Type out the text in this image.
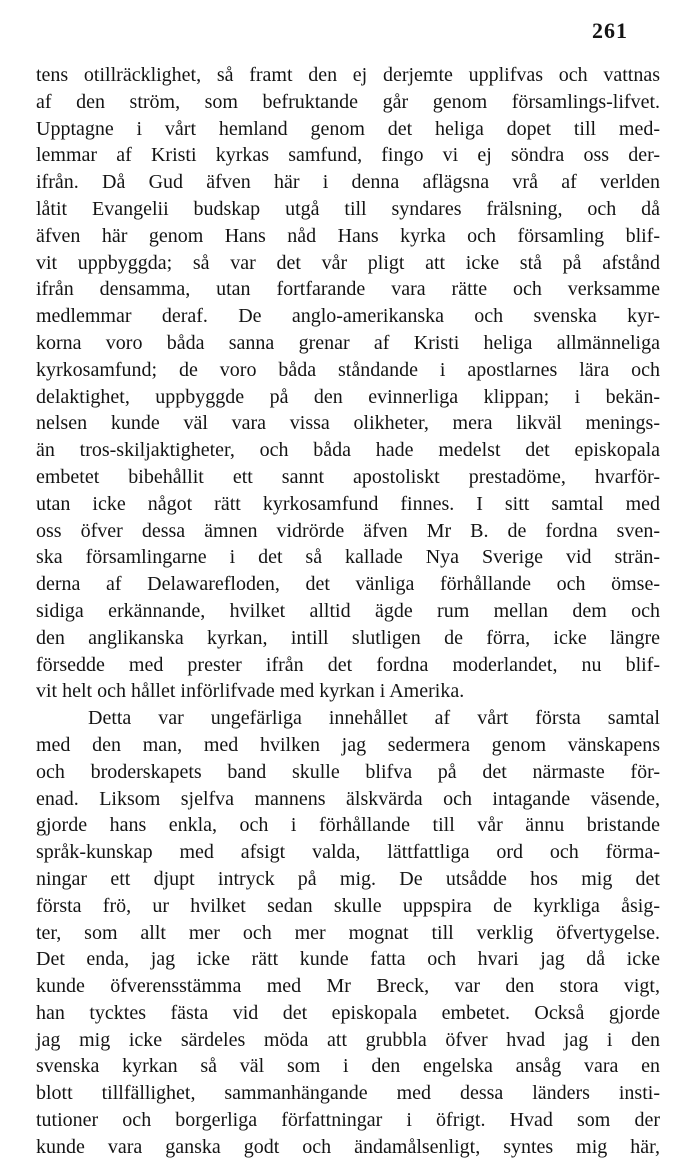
261
tens otillräcklighet, så framt den ej derjemte upplifvas och vattnas
af den ström, som befruktande går genom församlings-lifvet.
Upptagne i vårt hemland genom det heliga dopet till med-
lemmar af Kristi kyrkas samfund, fingo vi ej söndra oss der-
ifrån. Då Gud äfven här i denna aflägsna vrå af verlden
låtit Evangelii budskap utgå till syndares frälsning, och då
äfven här genom Hans nåd Hans kyrka och församling blif-
vit uppbyggda; så var det vår pligt att icke stå på afstånd
ifrån densamma, utan fortfarande vara rätte och verksamme
medlemmar deraf. De anglo-amerikanska och svenska kyr-
korna voro båda sanna grenar af Kristi heliga allmänneliga
kyrkosamfund; de voro båda ståndande i apostlarnes lära och
delaktighet, uppbyggde på den evinnerliga klippan; i bekän-
nelsen kunde väl vara vissa olikheter, mera likväl menings-
än tros-skiljaktigheter, och båda hade medelst det episkopala
embetet bibehållit ett sannt apostoliskt prestadöme, hvarför-
utan icke något rätt kyrkosamfund finnes. I sitt samtal med
oss öfver dessa ämnen vidrörde äfven Mr B. de fordna sven-
ska församlingarne i det så kallade Nya Sverige vid strän-
derna af Delawarefloden, det vänliga förhållande och ömse-
sidiga erkännande, hvilket alltid ägde rum mellan dem och
den anglikanska kyrkan, intill slutligen de förra, icke längre
försedde med prester ifrån det fordna moderlandet, nu blif-
vit helt och hållet införlifvade med kyrkan i Amerika.
Detta var ungefärliga innehållet af vårt första samtal
med den man, med hvilken jag sedermera genom vänskapens
och broderskapets band skulle blifva på det närmaste för-
enad. Liksom sjelfva mannens älskvärda och intagande väsende,
gjorde hans enkla, och i förhållande till vår ännu bristande
språk-kunskap med afsigt valda, lättfattliga ord och förma-
ningar ett djupt intryck på mig. De utsådde hos mig det
första frö, ur hvilket sedan skulle uppspira de kyrkliga åsig-
ter, som allt mer och mer mognat till verklig öfvertygelse.
Det enda, jag icke rätt kunde fatta och hvari jag då icke
kunde öfverensstämma med Mr Breck, var den stora vigt,
han tycktes fästa vid det episkopala embetet. Också gjorde
jag mig icke särdeles möda att grubbla öfver hvad jag i den
svenska kyrkan så väl som i den engelska ansåg vara en
blott tillfällighet, sammanhängande med dessa länders insti-
tutioner och borgerliga författningar i öfrigt. Hvad som der
kunde vara ganska godt och ändamålsenligt, syntes mig här,
